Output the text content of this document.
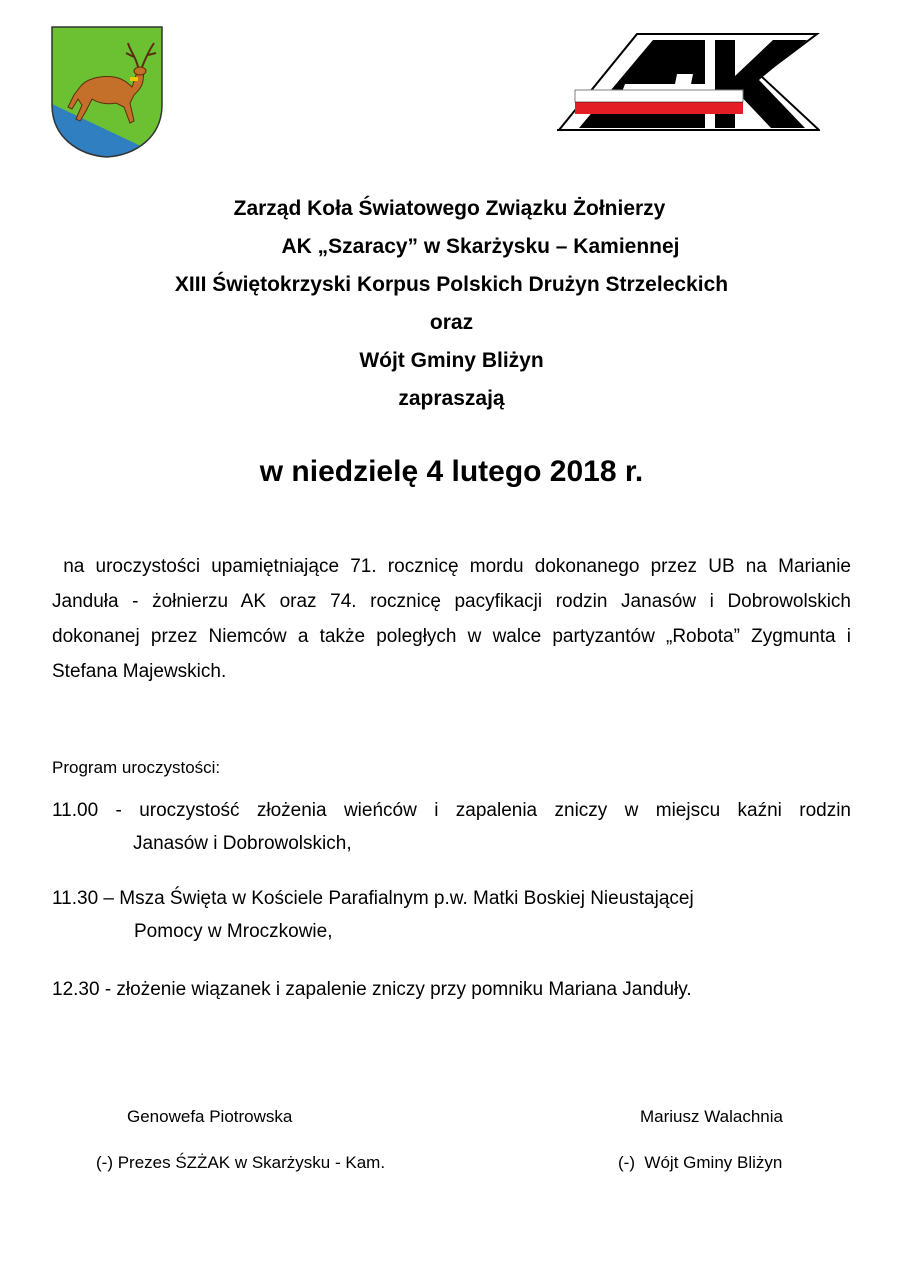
Zarząd Koła Światowego Związku Żołnierzy
AK „Szaracy” w Skarżysku – Kamiennej
XIII Świętokrzyski Korpus Polskich Drużyn Strzeleckich
oraz
Wójt Gminy Bliżyn
zapraszają
w niedzielę 4 lutego 2018 r.
na uroczystości upamiętniające 71. rocznicę mordu dokonanego przez UB na Marianie Janduła - żołnierzu AK oraz 74. rocznicę pacyfikacji rodzin Janasów i Dobrowolskich dokonanej przez Niemców a także poległych w walce partyzantów „Robota” Zygmunta i Stefana Majewskich.
Program uroczystości:
11.00 - uroczystość złożenia wieńców i zapalenia zniczy w miejscu kaźni rodzin
Janasów i Dobrowolskich,
11.30 – Msza Święta w Kościele Parafialnym p.w. Matki Boskiej Nieustającej
Pomocy w Mroczkowie,
12.30 - złożenie wiązanek i zapalenie zniczy przy pomniku Mariana Janduły.
Genowefa Piotrowska
(-) Prezes ŚZŻAK w Skarżysku - Kam.
Mariusz Walachnia
(-)  Wójt Gminy Bliżyn
